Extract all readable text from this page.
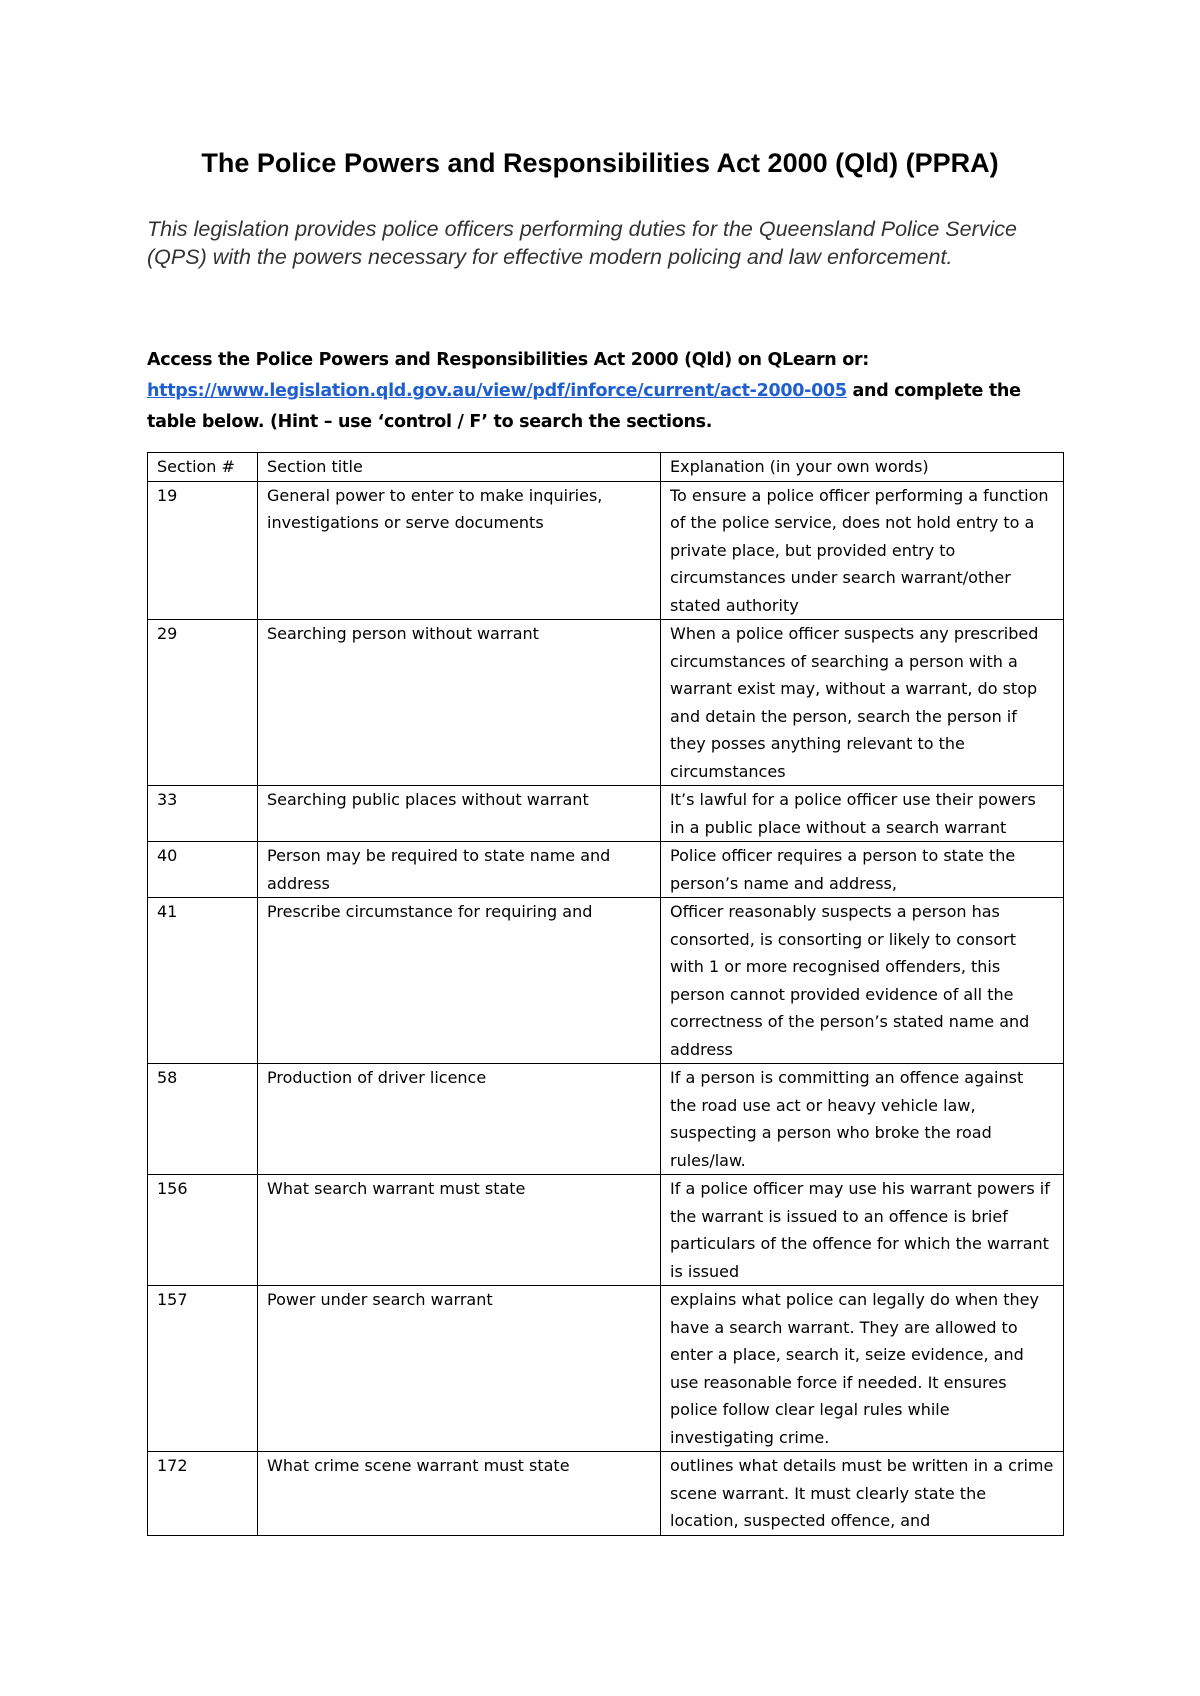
The Police Powers and Responsibilities Act 2000 (Qld) (PPRA)

This legislation provides police officers performing duties for the Queensland Police Service (QPS) with the powers necessary for effective modern policing and law enforcement.

Access the Police Powers and Responsibilities Act 2000 (Qld) on QLearn or:
https://www.legislation.qld.gov.au/view/pdf/inforce/current/act-2000-005 and complete the table below. (Hint – use ‘control / F’ to search the sections.

Section #	Section title	Explanation (in your own words)
19	General power to enter to make inquiries, investigations or serve documents	To ensure a police officer performing a function of the police service, does not hold entry to a private place, but provided entry to circumstances under search warrant/other stated authority
29	Searching person without warrant	When a police officer suspects any prescribed circumstances of searching a person with a warrant exist may, without a warrant, do stop and detain the person, search the person if they posses anything relevant to the circumstances
33	Searching public places without warrant	It’s lawful for a police officer use their powers in a public place without a search warrant
40	Person may be required to state name and address	Police officer requires a person to state the person’s name and address,
41	Prescribe circumstance for requiring and	Officer reasonably suspects a person has consorted, is consorting or likely to consort with 1 or more recognised offenders, this person cannot provided evidence of all the correctness of the person’s stated name and address
58	Production of driver licence	If a person is committing an offence against the road use act or heavy vehicle law, suspecting a person who broke the road rules/law.
156	What search warrant must state	If a police officer may use his warrant powers if the warrant is issued to an offence is brief particulars of the offence for which the warrant is issued
157	Power under search warrant	explains what police can legally do when they have a search warrant. They are allowed to enter a place, search it, seize evidence, and use reasonable force if needed. It ensures police follow clear legal rules while investigating crime.
172	What crime scene warrant must state	outlines what details must be written in a crime scene warrant. It must clearly state the location, suspected offence, and
